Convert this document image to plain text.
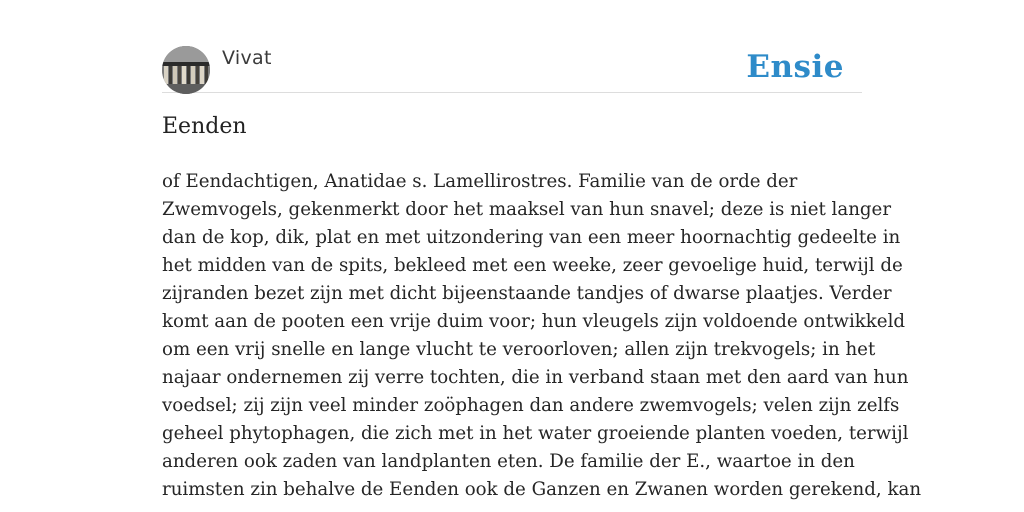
Vivat	Ensie
Eenden
of Eendachtigen, Anatidae s. Lamellirostres. Familie van de orde der
Zwemvogels, gekenmerkt door het maaksel van hun snavel; deze is niet langer
dan de kop, dik, plat en met uitzondering van een meer hoornachtig gedeelte in
het midden van de spits, bekleed met een weeke, zeer gevoelige huid, terwijl de
zijranden bezet zijn met dicht bijeenstaande tandjes of dwarse plaatjes. Verder
komt aan de pooten een vrije duim voor; hun vleugels zijn voldoende ontwikkeld
om een vrij snelle en lange vlucht te veroorloven; allen zijn trekvogels; in het
najaar ondernemen zij verre tochten, die in verband staan met den aard van hun
voedsel; zij zijn veel minder zoöphagen dan andere zwemvogels; velen zijn zelfs
geheel phytophagen, die zich met in het water groeiende planten voeden, terwijl
anderen ook zaden van landplanten eten. De familie der E., waartoe in den
ruimsten zin behalve de Eenden ook de Ganzen en Zwanen worden gerekend, kan
